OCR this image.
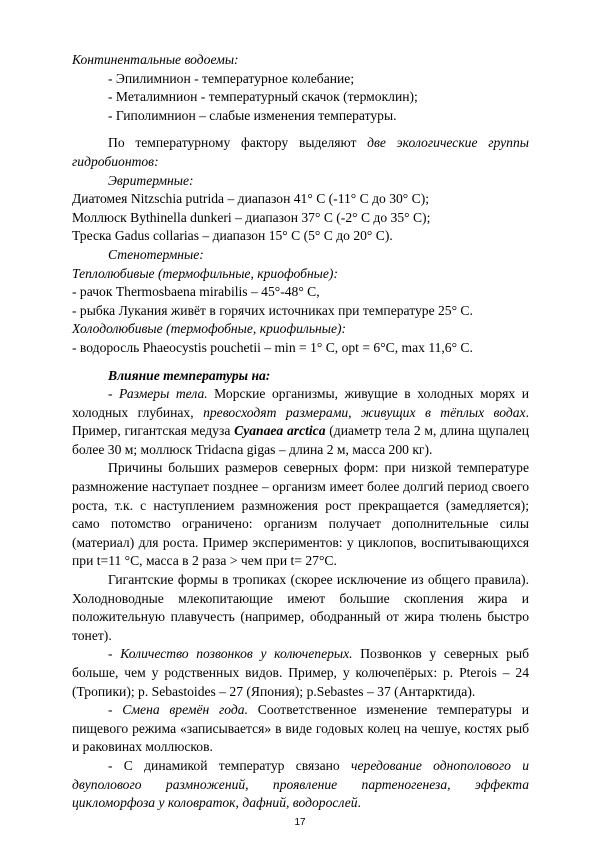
Континентальные водоемы:

- Эпилимнион - температурное колебание;

- Металимнион - температурный скачок (термоклин);

- Гиполимнион – слабые изменения температуры.

По температурному фактору выделяют две экологические группы гидробионтов:

Эвритермные:

Диатомея Nitzschia putrida – диапазон 41° С (-11° С до 30° С);

Моллюск Bythinella dunkeri – диапазон 37° С (-2° С до 35° С);

Треска Gadus collarias – диапазон 15° С (5° С до 20° С).

Стенотермные:

Теплолюбивые (термофильные, криофобные):

- рачок Thermosbaena mirabilis – 45°-48° С,

- рыбка Лукания живёт в горячих источниках при температуре 25° С.

Холодолюбивые (термофобные, криофильные):

- водоросль Phaeocystis pouchetii – min = 1° С, opt = 6°С, max 11,6° С.

Влияние температуры на:

- Размеры тела. Морские организмы, живущие в холодных морях и холодных глубинах, превосходят размерами, живущих в тёплых водах. Пример, гигантская медуза Cyanaea arctica (диаметр тела 2 м, длина щупалец более 30 м; моллюск Tridacna gigas – длина 2 м, масса 200 кг).

Причины больших размеров северных форм: при низкой температуре размножение наступает позднее – организм имеет более долгий период своего роста, т.к. с наступлением размножения рост прекращается (замедляется); само потомство ограничено: организм получает дополнительные силы (материал) для роста. Пример экспериментов: у циклопов, воспитывающихся при t=11 °С, масса в 2 раза > чем при t= 27°С.

Гигантские формы в тропиках (скорее исключение из общего правила). Холодноводные млекопитающие имеют большие скопления жира и положительную плавучесть (например, ободранный от жира тюлень быстро тонет).

- Количество позвонков у колючеперых. Позвонков у северных рыб больше, чем у родственных видов. Пример, у колючепёрых: р. Pterois – 24 (Тропики); р. Sebastoides – 27 (Япония); р.Sebastes – 37 (Антарктида).

- Смена времён года. Соответственное изменение температуры и пищевого режима «записывается» в виде годовых колец на чешуе, костях рыб и раковинах моллюсков.

- С динамикой температур связано чередование однополового и двуполового размножений, проявление партеногенеза, эффекта цикломорфоза у коловраток, дафний, водорослей.

17
